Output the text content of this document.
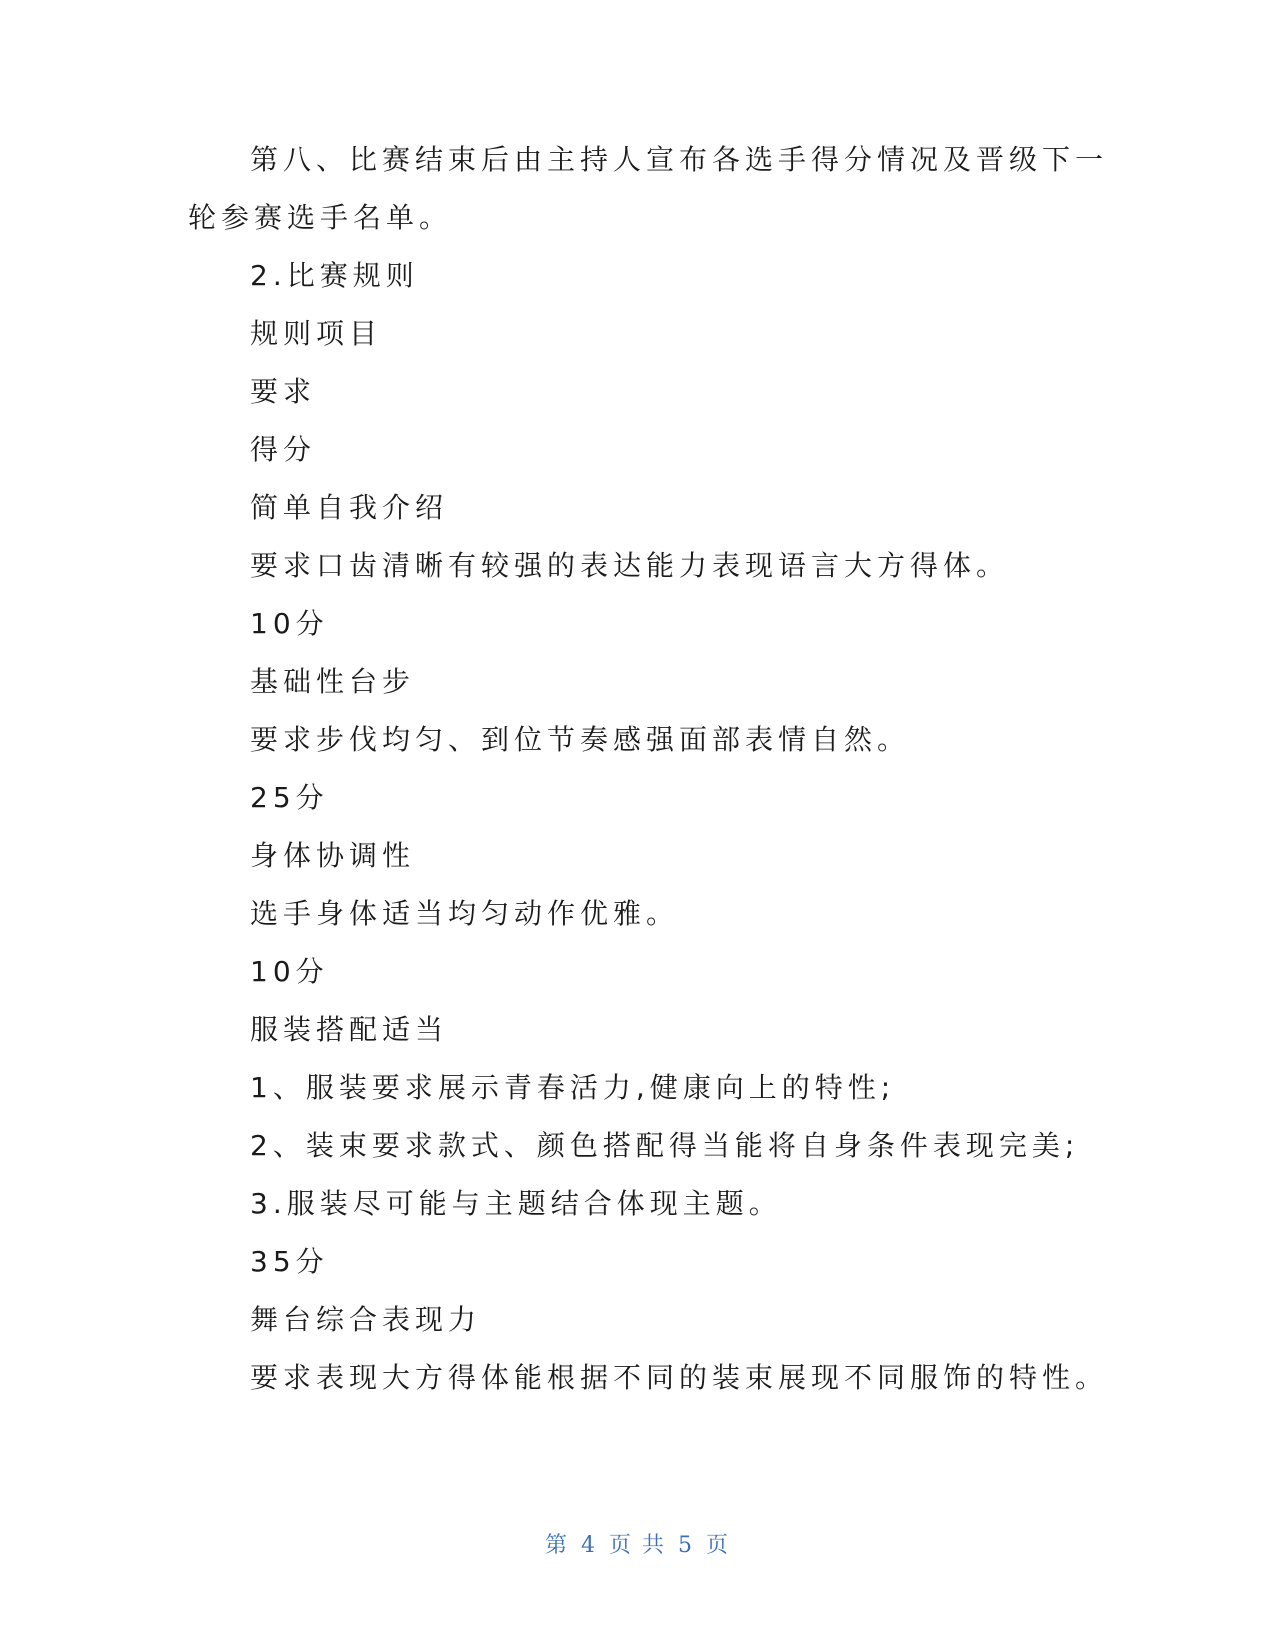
第八、比赛结束后由主持人宣布各选手得分情况及晋级下一
轮参赛选手名单。
2.比赛规则
规则项目
要求
得分
简单自我介绍
要求口齿清晰有较强的表达能力表现语言大方得体。
10分
基础性台步
要求步伐均匀、到位节奏感强面部表情自然。
25分
身体协调性
选手身体适当均匀动作优雅。
10分
服装搭配适当
1、服装要求展示青春活力,健康向上的特性;
2、装束要求款式、颜色搭配得当能将自身条件表现完美;
3.服装尽可能与主题结合体现主题。
35分
舞台综合表现力
要求表现大方得体能根据不同的装束展现不同服饰的特性。
第 4 页 共 5 页
